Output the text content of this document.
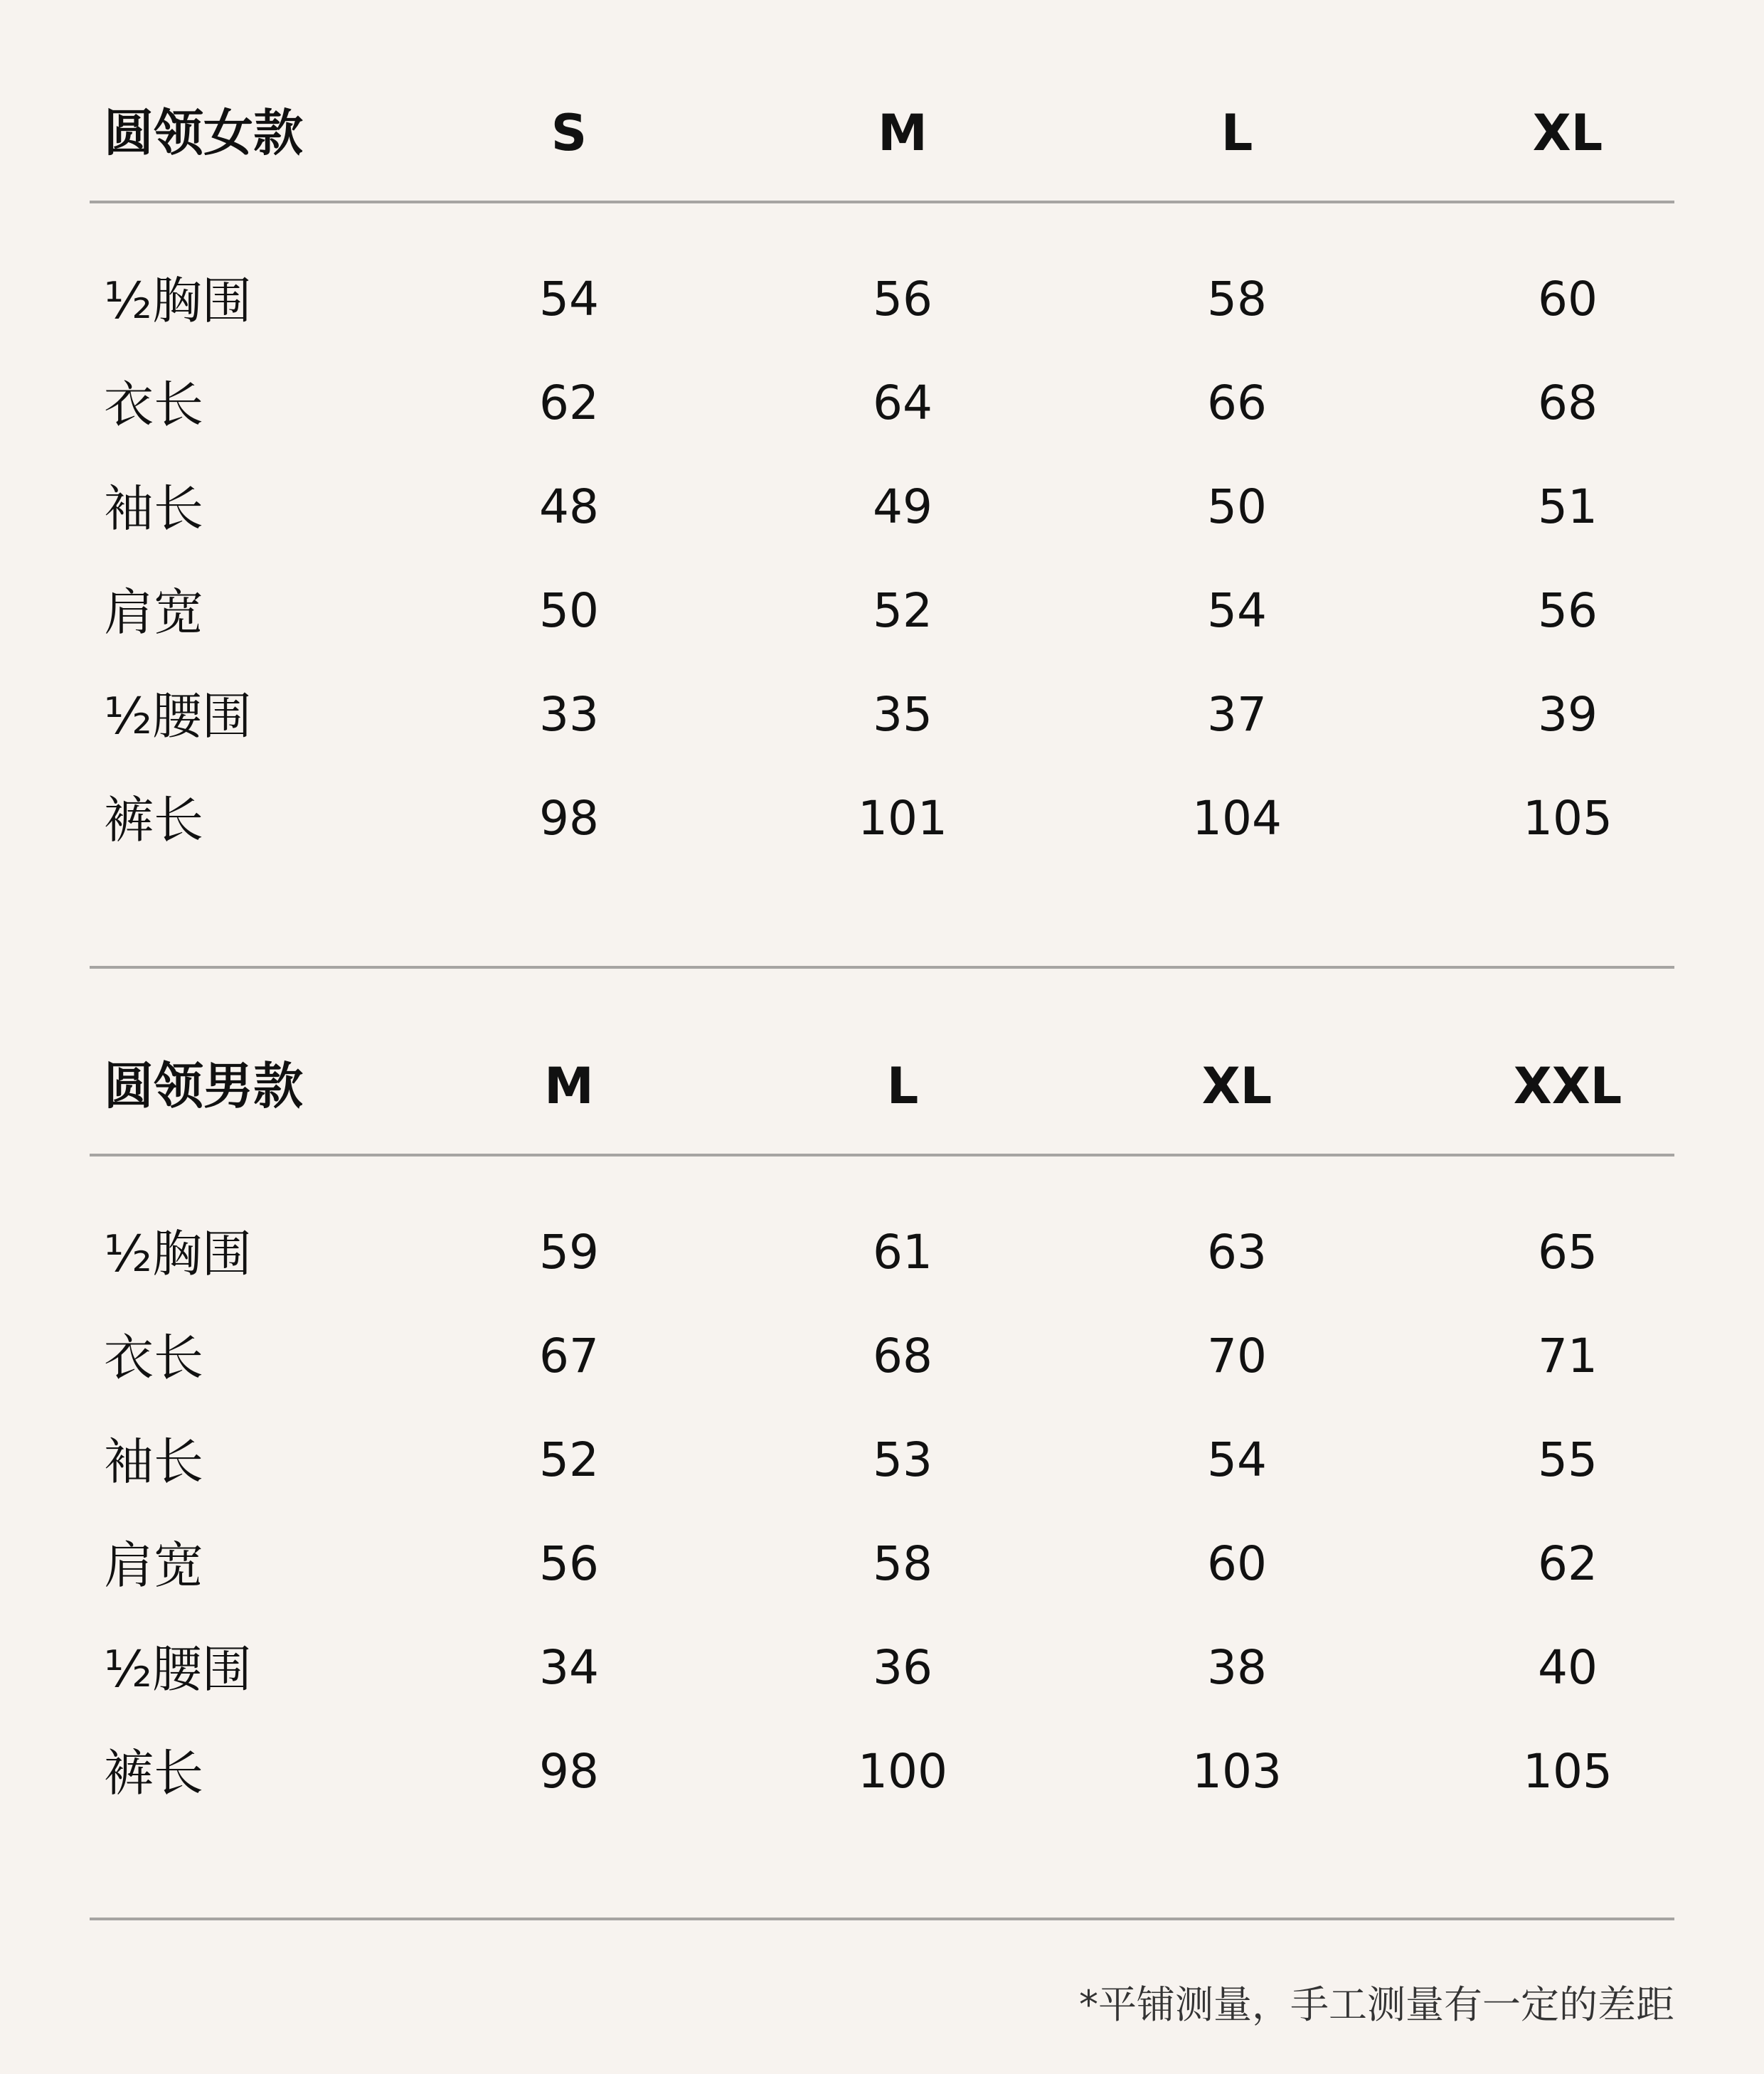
圆领女款	S	M	L	XL
½胸围	54	56	58	60
衣长	62	64	66	68
袖长	48	49	50	51
肩宽	50	52	54	56
½腰围	33	35	37	39
裤长	98	101	104	105
圆领男款	M	L	XL	XXL
½胸围	59	61	63	65
衣长	67	68	70	71
袖长	52	53	54	55
肩宽	56	58	60	62
½腰围	34	36	38	40
裤长	98	100	103	105
*平铺测量，手工测量有一定的差距
